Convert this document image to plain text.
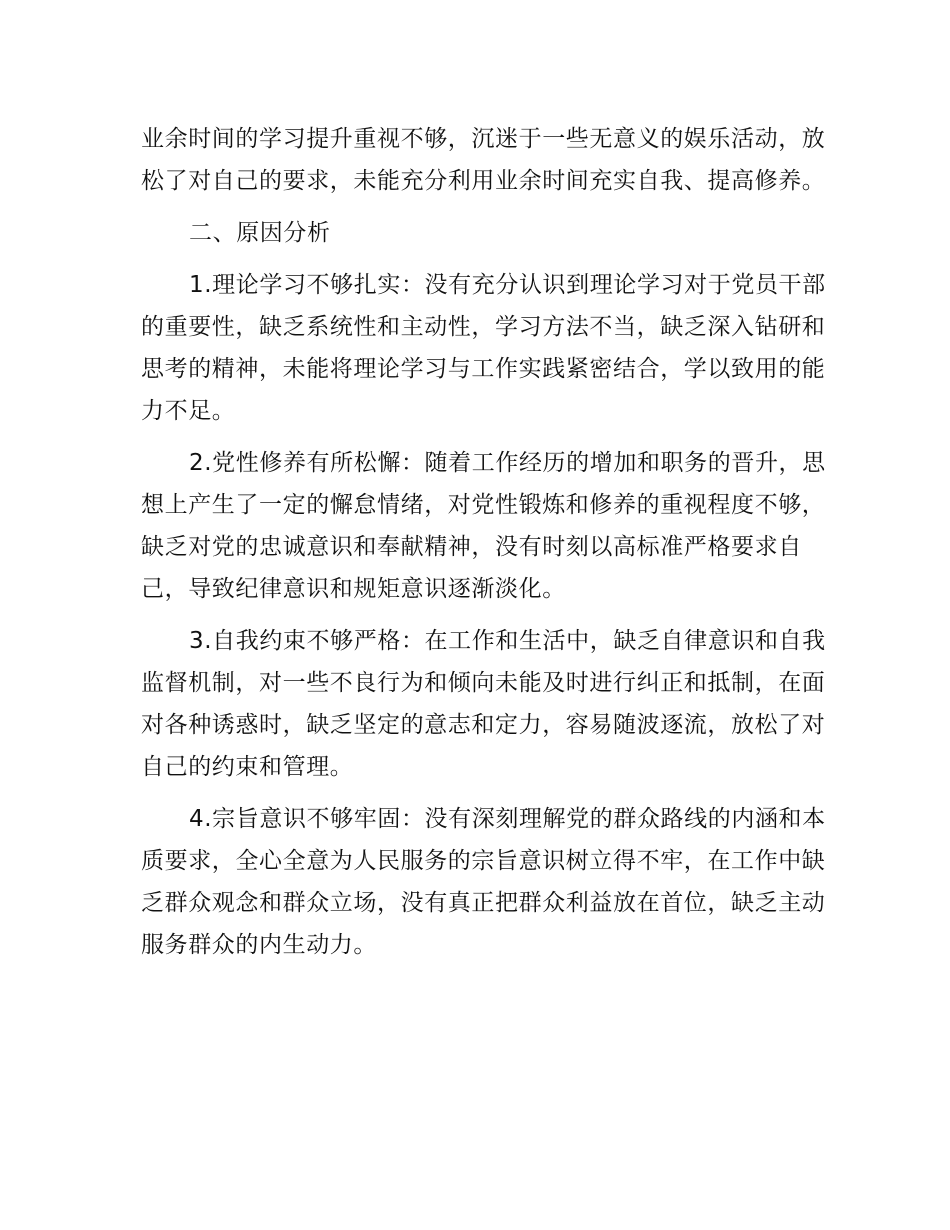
业余时间的学习提升重视不够，沉迷于一些无意义的娱乐活动，放松了对自己的要求，未能充分利用业余时间充实自我、提高修养。

二、原因分析

1.理论学习不够扎实：没有充分认识到理论学习对于党员干部的重要性，缺乏系统性和主动性，学习方法不当，缺乏深入钻研和思考的精神，未能将理论学习与工作实践紧密结合，学以致用的能力不足。

2.党性修养有所松懈：随着工作经历的增加和职务的晋升，思想上产生了一定的懈怠情绪，对党性锻炼和修养的重视程度不够，缺乏对党的忠诚意识和奉献精神，没有时刻以高标准严格要求自己，导致纪律意识和规矩意识逐渐淡化。

3.自我约束不够严格：在工作和生活中，缺乏自律意识和自我监督机制，对一些不良行为和倾向未能及时进行纠正和抵制，在面对各种诱惑时，缺乏坚定的意志和定力，容易随波逐流，放松了对自己的约束和管理。

4.宗旨意识不够牢固：没有深刻理解党的群众路线的内涵和本质要求，全心全意为人民服务的宗旨意识树立得不牢，在工作中缺乏群众观念和群众立场，没有真正把群众利益放在首位，缺乏主动服务群众的内生动力。
